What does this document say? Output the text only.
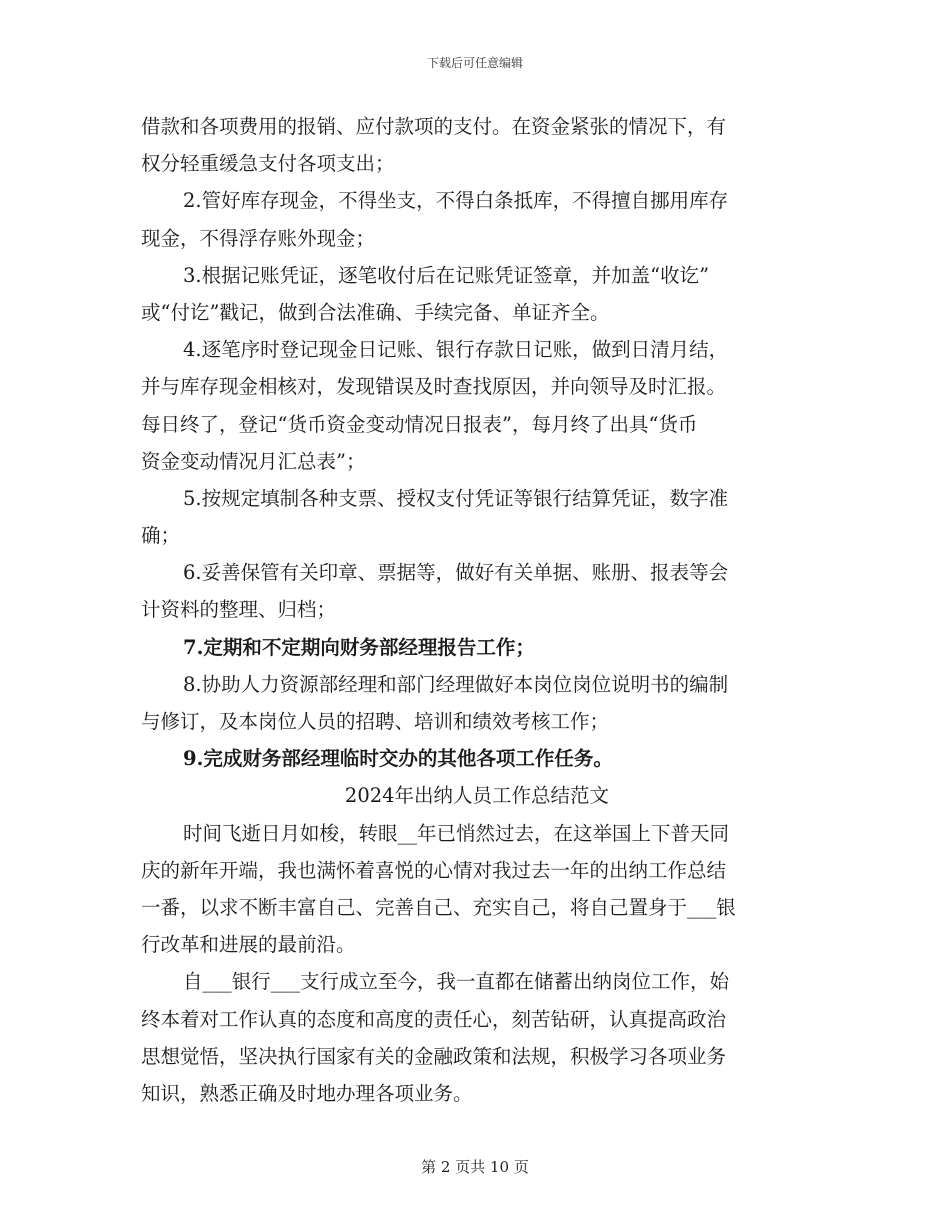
下载后可任意编辑
借款和各项费用的报销、应付款项的支付。在资金紧张的情况下，有
权分轻重缓急支付各项支出；
2.管好库存现金，不得坐支，不得白条抵库，不得擅自挪用库存
现金，不得浮存账外现金；
3.根据记账凭证，逐笔收付后在记账凭证签章，并加盖“收讫”
或“付讫”戳记，做到合法准确、手续完备、单证齐全。
4.逐笔序时登记现金日记账、银行存款日记账，做到日清月结，
并与库存现金相核对，发现错误及时查找原因，并向领导及时汇报。
每日终了，登记“货币资金变动情况日报表”，每月终了出具“货币
资金变动情况月汇总表”；
5.按规定填制各种支票、授权支付凭证等银行结算凭证，数字准
确；
6.妥善保管有关印章、票据等，做好有关单据、账册、报表等会
计资料的整理、归档；
7.定期和不定期向财务部经理报告工作；
8.协助人力资源部经理和部门经理做好本岗位岗位说明书的编制
与修订，及本岗位人员的招聘、培训和绩效考核工作；
9.完成财务部经理临时交办的其他各项工作任务。
2024年出纳人员工作总结范文
时间飞逝日月如梭，转眼__年已悄然过去，在这举国上下普天同
庆的新年开端，我也满怀着喜悦的心情对我过去一年的出纳工作总结
一番，以求不断丰富自己、完善自己、充实自己，将自己置身于___银
行改革和进展的最前沿。
自___银行___支行成立至今，我一直都在储蓄出纳岗位工作，始
终本着对工作认真的态度和高度的责任心，刻苦钻研，认真提高政治
思想觉悟，坚决执行国家有关的金融政策和法规，积极学习各项业务
知识，熟悉正确及时地办理各项业务。
第 2 页共 10 页
